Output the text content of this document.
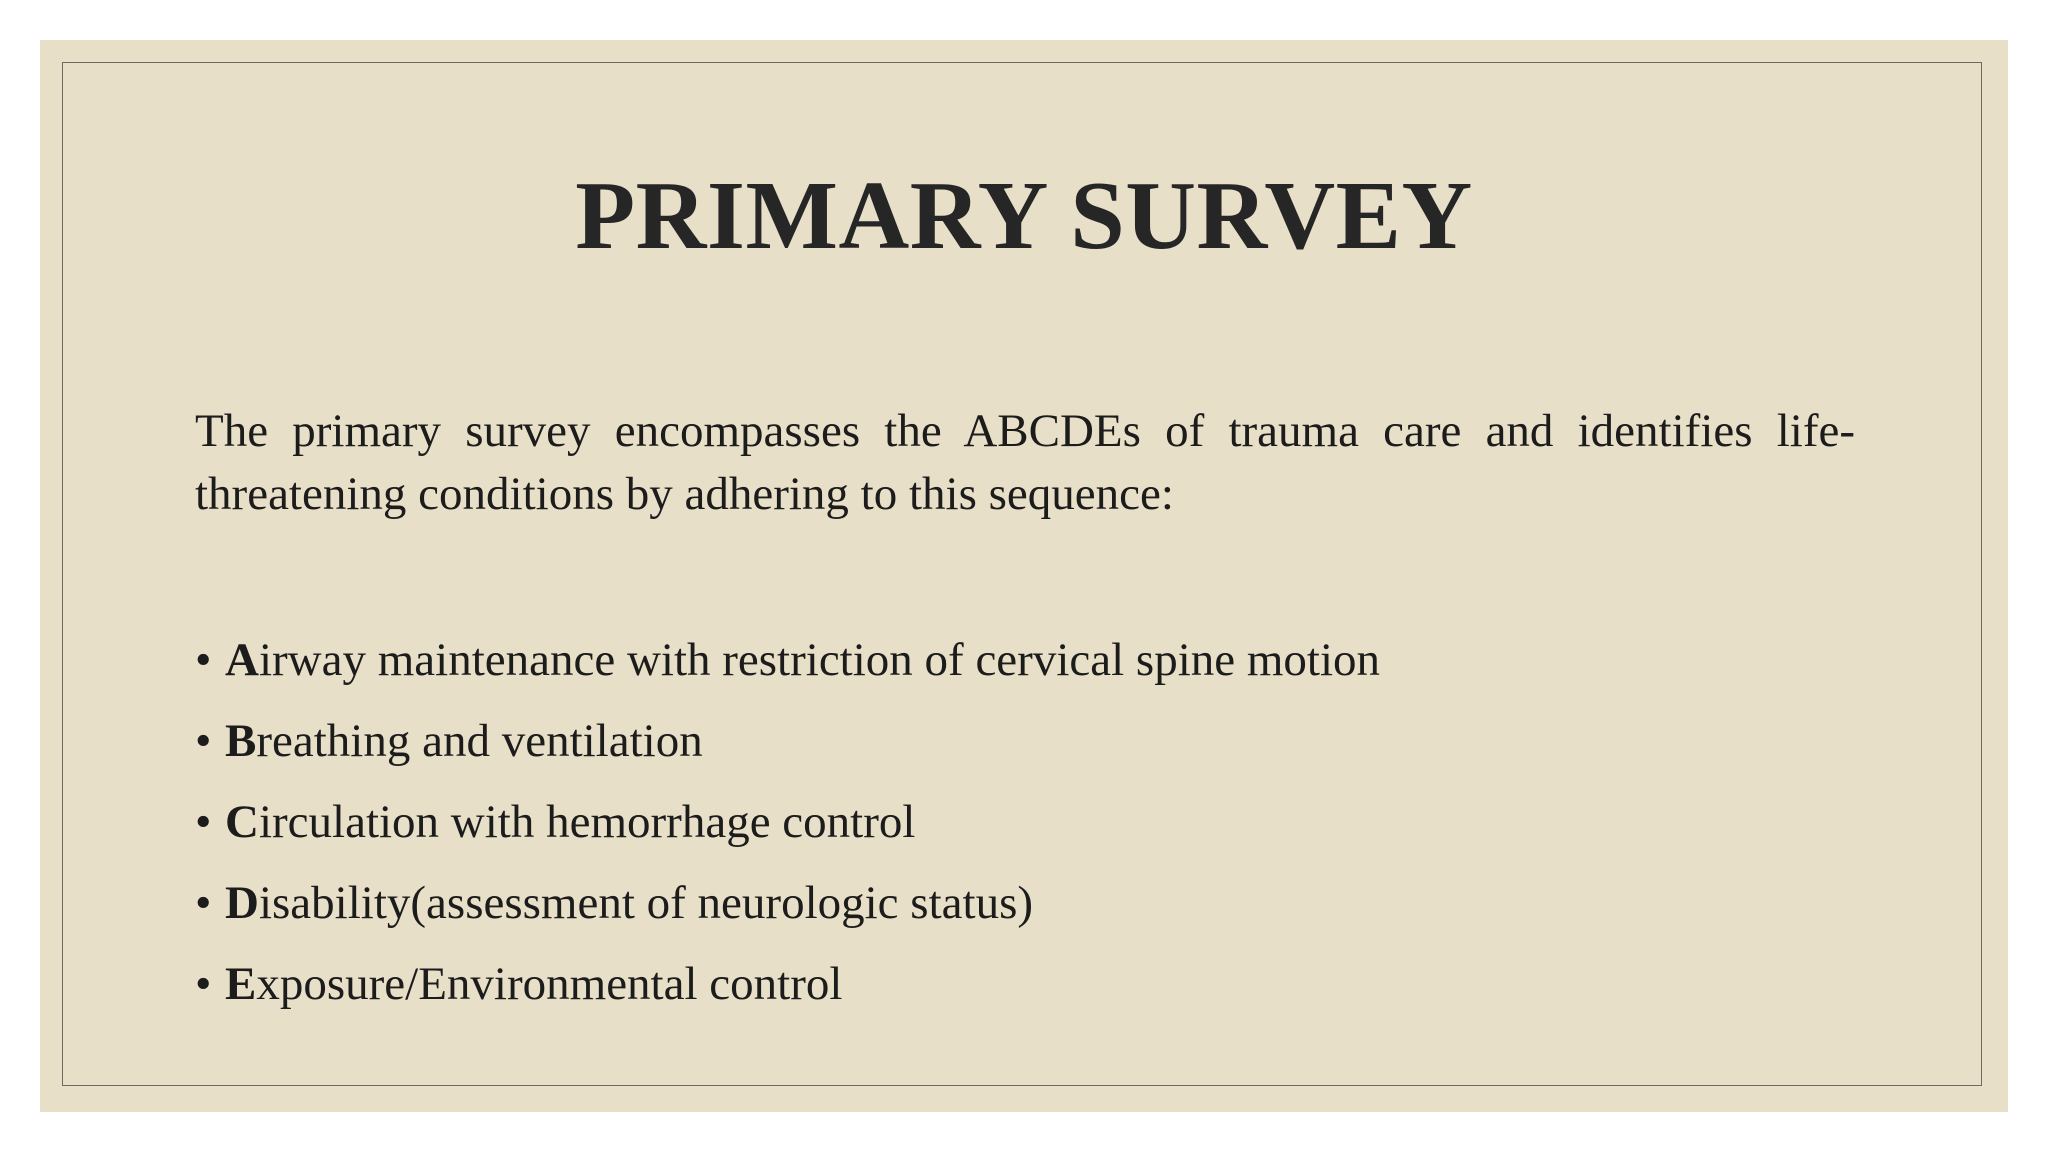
PRIMARY SURVEY

The primary survey encompasses the ABCDEs of trauma care and identifies life-threatening conditions by adhering to this sequence:

• Airway maintenance with restriction of cervical spine motion
• Breathing and ventilation
• Circulation with hemorrhage control
• Disability(assessment of neurologic status)
• Exposure/Environmental control
